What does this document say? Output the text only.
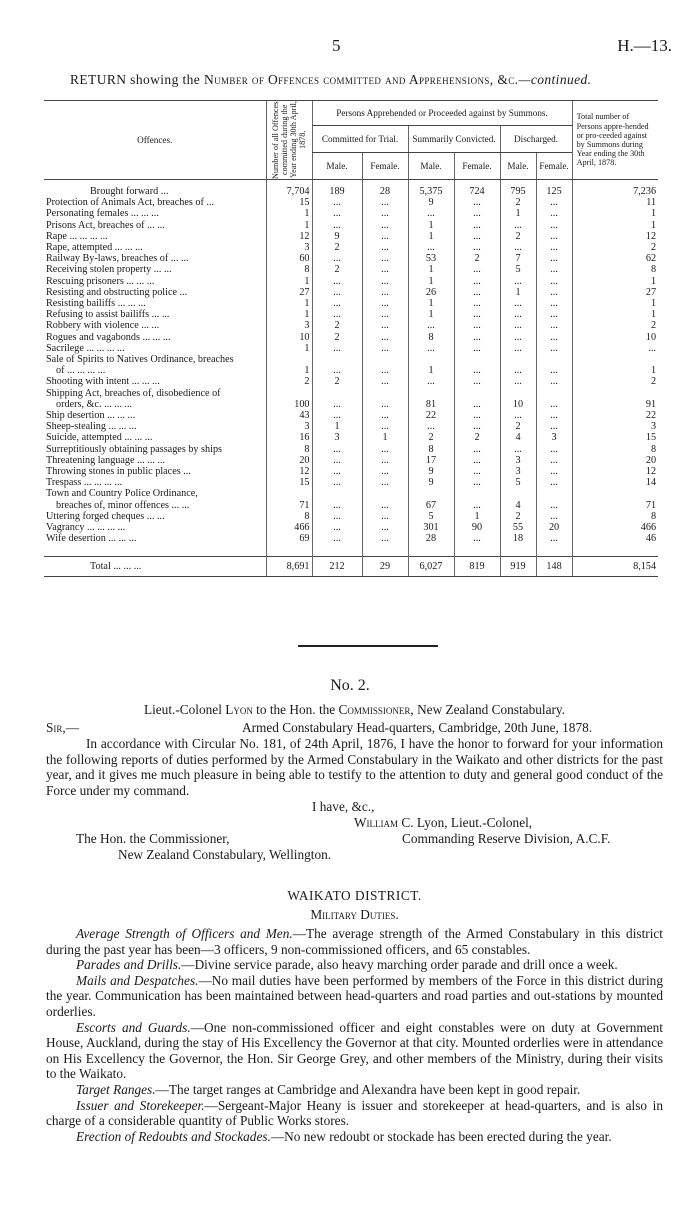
5	H.—13.
RETURN showing the Number of Offences committed and Apprehensions, &c.—continued.
Offences.	Number of all Offences committed during the Year ending 30th April, 1878.	Persons Apprehended or Proceeded against by Summons.						Total number of Persons appre-hended or pro-ceeded against by Summons during Year ending the 30th April, 1878.
		Committed for Trial.		Summarily Convicted.		Discharged.		
		Male.	Female.	Male.	Female.	Male.	Female.	
Brought forward ...	7,704	189	28	5,375	724	795	125	7,236
Protection of Animals Act, breaches of ...	15	...	...	9	...	2	...	11
Personating females ... ... ...	1	...	...	...	...	1	...	1
Prisons Act, breaches of ... ...	1	...	...	1	...	...	...	1
Rape ... ... ... ...	12	9	...	1	...	2	...	12
Rape, attempted ... ... ...	3	2	...	...	...	...	...	2
Railway By-laws, breaches of ... ...	60	...	...	53	2	7	...	62
Receiving stolen property ... ...	8	2	...	1	...	5	...	8
Rescuing prisoners ... ... ...	1	...	...	1	...	...	...	1
Resisting and obstructing police ...	27	...	...	26	...	1	...	27
Resisting bailiffs ... ... ...	1	...	...	1	...	...	...	1
Refusing to assist bailiffs ... ...	1	...	...	1	...	...	...	1
Robbery with violence ... ...	3	2	...	...	...	...	...	2
Rogues and vagabonds ... ... ...	10	2	...	8	...	...	...	10
Sacrilege ... ... ... ...	1	...	...	...	...	...	...	...
Sale of Spirits to Natives Ordinance, breaches								
of ... ... ... ...	1	...	...	1	...	...	...	1
Shooting with intent ... ... ...	2	2	...	...	...	...	...	2
Shipping Act, breaches of, disobedience of								
orders, &c. ... ... ...	100	...	...	81	...	10	...	91
Ship desertion ... ... ...	43	...	...	22	...	...	...	22
Sheep-stealing ... ... ...	3	1	...	...	...	2	...	3
Suicide, attempted ... ... ...	16	3	1	2	2	4	3	15
Surreptitiously obtaining passages by ships	8	...	...	8	...	...	...	8
Threatening language ... ... ...	20	...	...	17	...	3	...	20
Throwing stones in public places ...	12	...	...	9	...	3	...	12
Trespass ... ... ... ...	15	...	...	9	...	5	...	14
Town and Country Police Ordinance,								
breaches of, minor offences ... ...	71	...	...	67	...	4	...	71
Uttering forged cheques ... ...	8	...	...	5	1	2	...	8
Vagrancy ... ... ... ...	466	...	...	301	90	55	20	466
Wife desertion ... ... ...	69	...	...	28	...	18	...	46

Total ... ... ...	8,691	212	29	6,027	819	919	148	8,154
No. 2.
Lieut.-Colonel Lyon to the Hon. the Commissioner, New Zealand Constabulary.
Sir,—	Armed Constabulary Head-quarters, Cambridge, 20th June, 1878.
In accordance with Circular No. 181, of 24th April, 1876, I have the honor to forward for your information the following reports of duties performed by the Armed Constabulary in the Waikato and other districts for the past year, and it gives me much pleasure in being able to testify to the attention to duty and general good conduct of the Force under my command.
I have, &c.,
William C. Lyon, Lieut.-Colonel,
The Hon. the Commissioner,	Commanding Reserve Division, A.C.F.
New Zealand Constabulary, Wellington.
WAIKATO DISTRICT.
Military Duties.
Average Strength of Officers and Men.—The average strength of the Armed Constabulary in this district during the past year has been—3 officers, 9 non-commissioned officers, and 65 constables.
Parades and Drills.—Divine service parade, also heavy marching order parade and drill once a week.
Mails and Despatches.—No mail duties have been performed by members of the Force in this district during the year. Communication has been maintained between head-quarters and road parties and out-stations by mounted orderlies.
Escorts and Guards.—One non-commissioned officer and eight constables were on duty at Government House, Auckland, during the stay of His Excellency the Governor at that city. Mounted orderlies were in attendance on His Excellency the Governor, the Hon. Sir George Grey, and other members of the Ministry, during their visits to the Waikato.
Target Ranges.—The target ranges at Cambridge and Alexandra have been kept in good repair.
Issuer and Storekeeper.—Sergeant-Major Heany is issuer and storekeeper at head-quarters, and is also in charge of a considerable quantity of Public Works stores.
Erection of Redoubts and Stockades.—No new redoubt or stockade has been erected during the year.
